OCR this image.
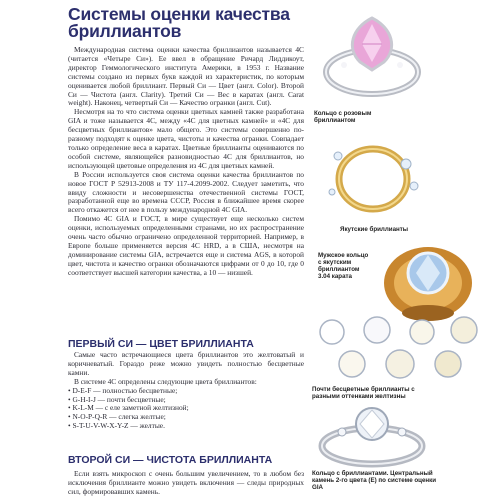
Системы оценки качества бриллиантов

Международная система оценки качества бриллиантов называется 4C (читается «Четыре Си»). Ее ввел в обращение Ричард Лиддикоут, директор Геммологического института Америки, в 1953 г. Название системы создано из первых букв каждой из характеристик, по которым оценивается любой бриллиант. Первый Си — Цвет (англ. Color). Второй Си — Чистота (англ. Clarity). Третий Си — Вес в каратах (англ. Carat weight). Наконец, четвертый Си — Качество огранки (англ. Cut).

Несмотря на то что система оценки цветных камней также разработана GIA и тоже называется 4C, между «4C для цветных камней» и «4C для бесцветных бриллиантов» мало общего. Это системы совершенно по-разному подходят к оценке цвета, чистоты и качества огранки. Совпадает только определение веса в каратах. Цветные бриллианты оцениваются по особой системе, являющейся разновидностью 4C для бриллиантов, но использующей цветовые определения из 4C для цветных камней.

В России используется своя система оценки качества бриллиантов по новое ГОСТ Р 52913-2008 и ТУ 117-4.2099-2002. Следует заметить, что ввиду сложности и несовершенства отечественной системы ГОСТ, разработанной еще во времена СССР, Россия в ближайшее время скорее всего откажется от нее в пользу международной 4C GIA.

Помимо 4C GIA и ГОСТ, в мире существует еще несколько систем оценки, используемых определенными странами, но их распространение очень часто обычно ограничено определенной территорией. Например, в Европе больше применяется версия 4C HRD, а в США, несмотря на доминирование системы GIA, встречается еще и система AGS, в которой цвет, чистота и качество огранки обозначаются цифрами от 0 до 10, где 0 соответствует высшей категории качества, а 10 — низшей.

ПЕРВЫЙ СИ — ЦВЕТ БРИЛЛИАНТА

Самые часто встречающиеся цвета бриллиантов это желтоватый и коричневатый. Гораздо реже можно увидеть полностью бесцветные камни.

В системе 4С определены следующие цвета бриллиантов:

• D-E-F — полностью бесцветные;
• G-H-I-J — почти бесцветные;
• K-L-M — с еле заметной желтизной;
• N-O-P-Q-R — слегка желтые;
• S-T-U-V-W-X-Y-Z — желтые.
ВТОРОЙ СИ — ЧИСТОТА БРИЛЛИАНТА

Если взять микроскоп с очень большим увеличением, то в любом без исключения бриллианте можно увидеть включения — следы природных сил, формировавших камень.

Кольцо с розовым бриллиантом
Якутские бриллианты
Мужское кольцо с якутским бриллиантом 3.04 карата
Почти бесцветные бриллианты с разными оттенками желтизны
Кольцо с бриллиантами. Центральный камень 2-го цвета (E) по системе оценки GIA
